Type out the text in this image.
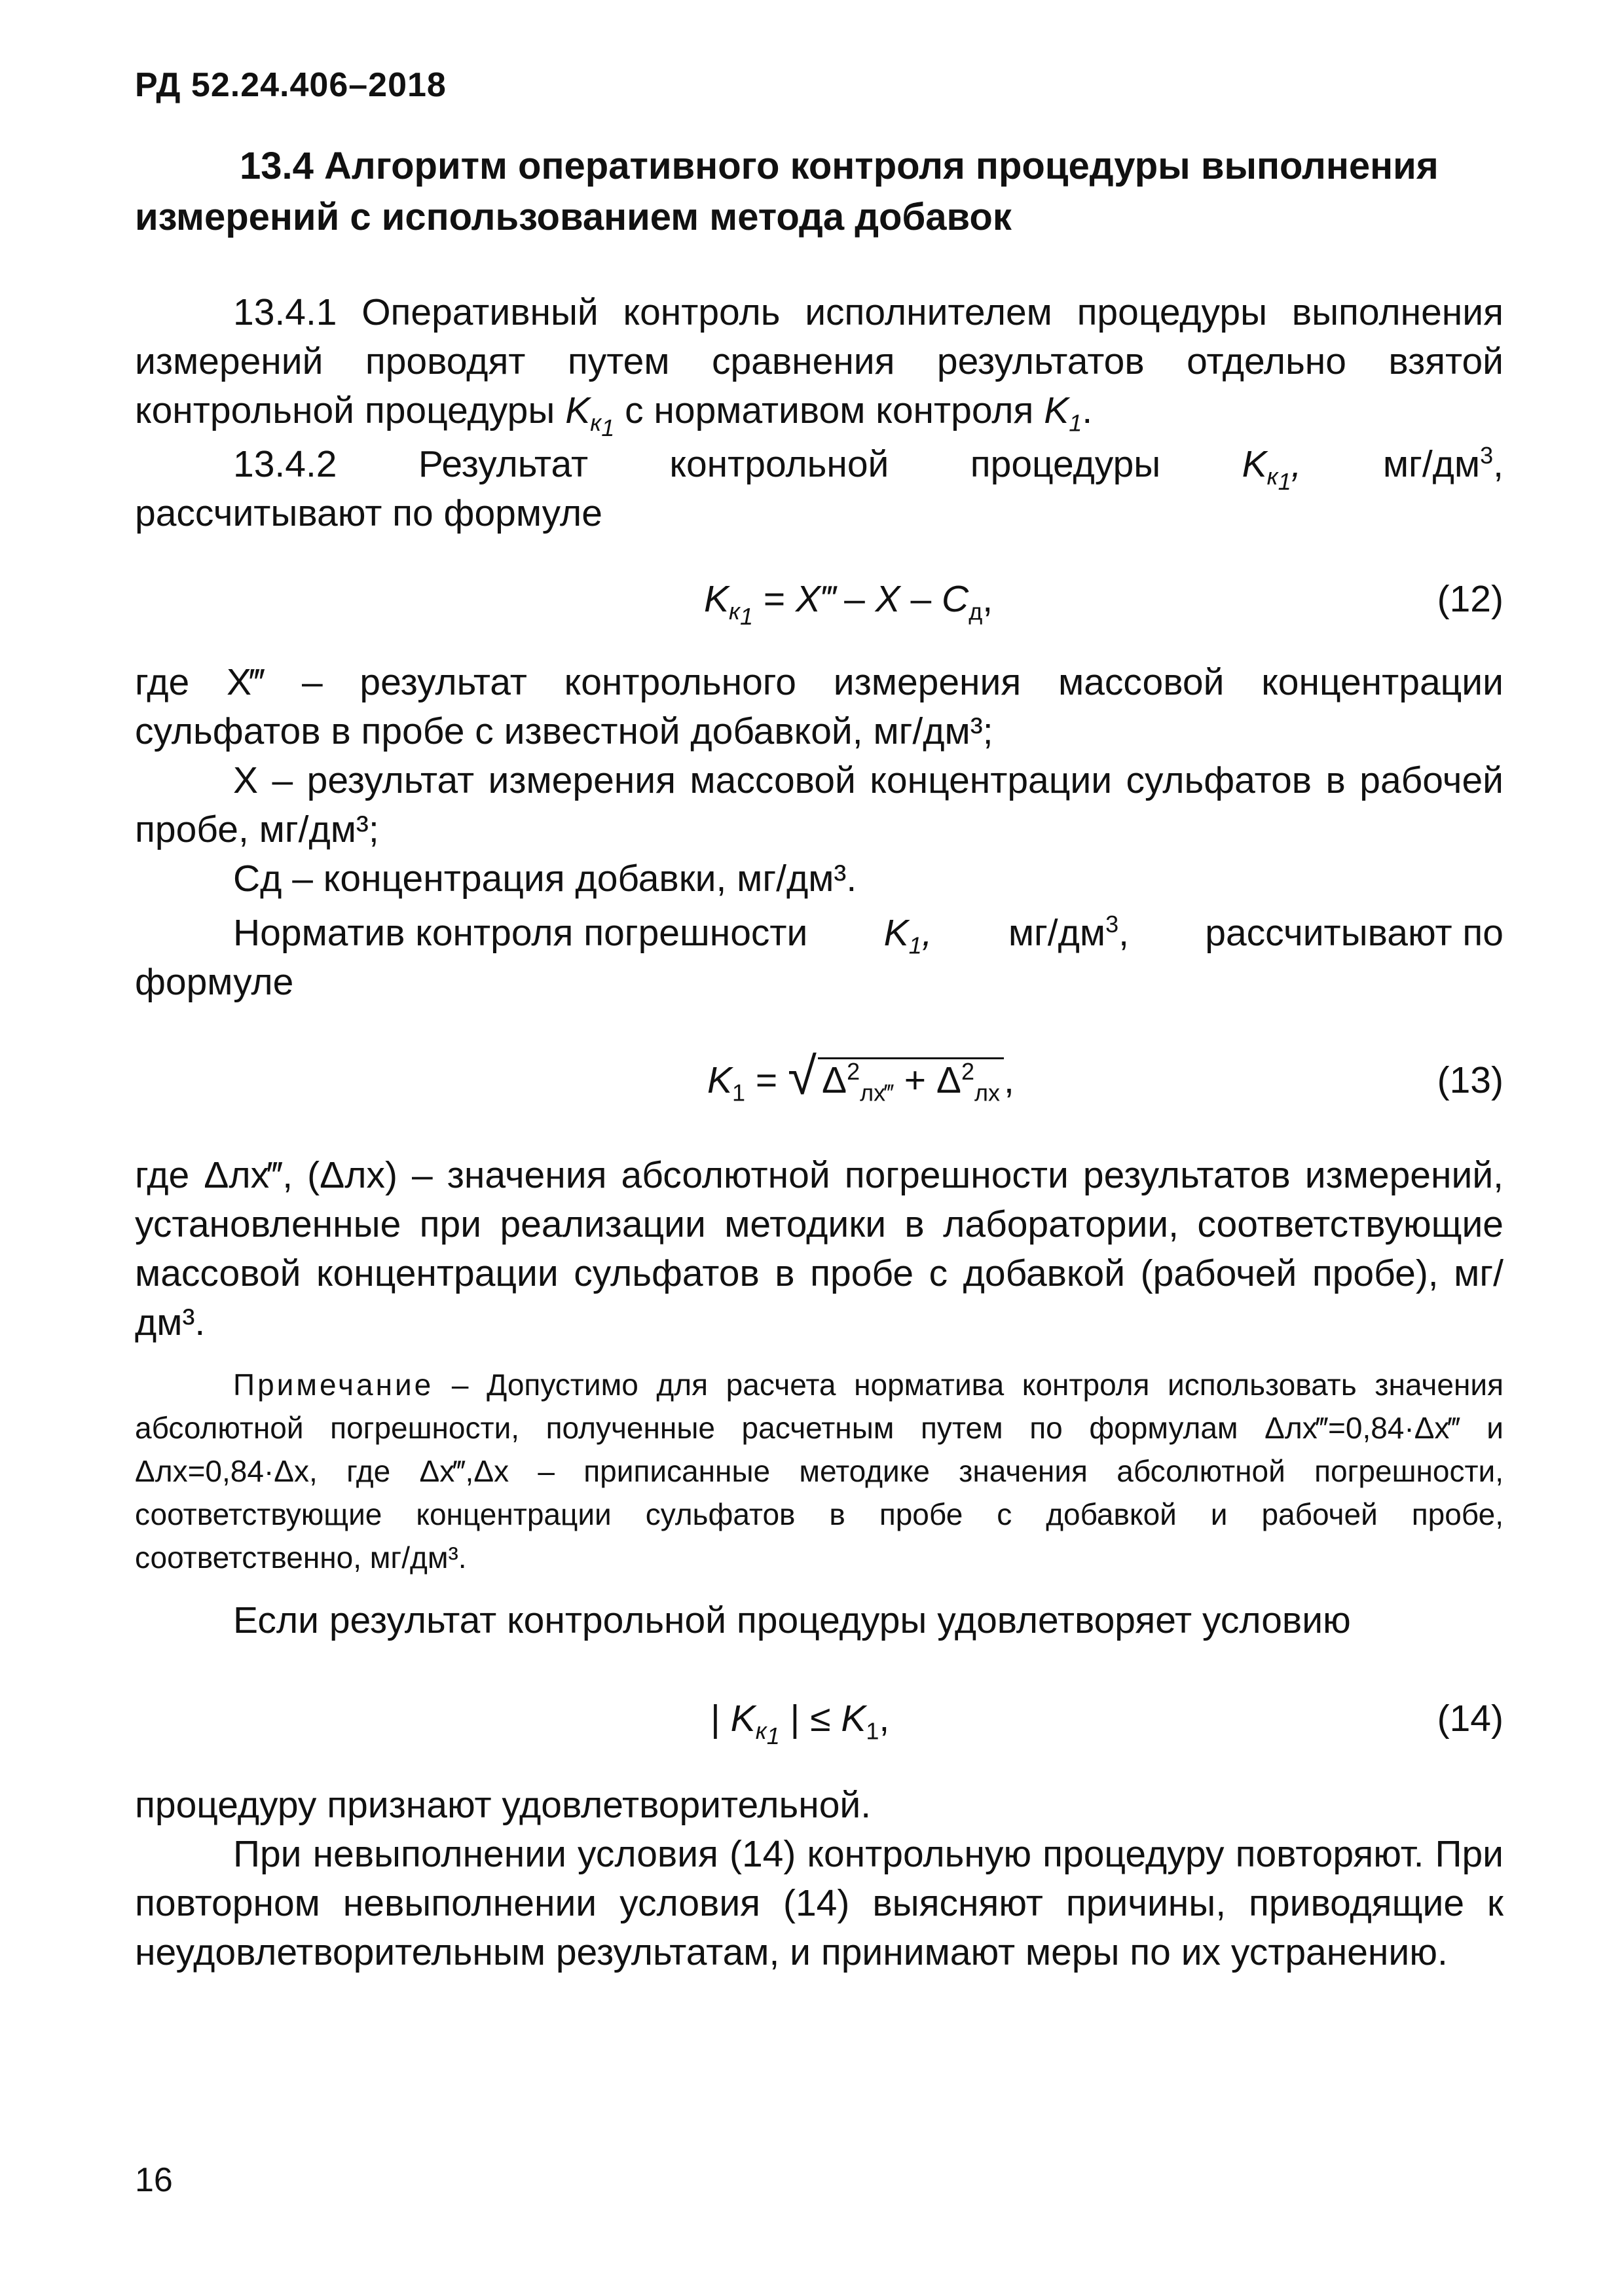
РД 52.24.406–2018
13.4 Алгоритм оперативного контроля процедуры выполнения
измерений с использованием метода добавок
13.4.1 Оперативный контроль исполнителем процедуры выполнения измерений проводят путем сравнения результатов отдельно взятой контрольной процедуры $K_{к_1}$ с нормативом контроля $K_1$.
13.4.2 Результат контрольной процедуры $K_{к_1}$, $мг/дм^3$,
рассчитывают по формуле
$K_{к_1}$ = X‴ – X – $C_д$,	(12)
где X‴ – результат контрольного измерения массовой концентрации сульфатов в пробе с известной добавкой, мг/дм³;
X – результат измерения массовой концентрации сульфатов в рабочей пробе, мг/дм³;
Cд – концентрация добавки, мг/дм³.
Норматив контроля погрешности $K_1$, $мг/дм^3$, рассчитывают по
формуле
$K_1$ = √ $\Delta^2_{лх‴} + \Delta^2_{лх}$ ,	(13)
где Δлх‴, (Δлх) – значения абсолютной погрешности результатов измерений, установленные при реализации методики в лаборатории, соответствующие массовой концентрации сульфатов в пробе с добавкой (рабочей пробе), мг/дм³.
Примечание – Допустимо для расчета норматива контроля использовать значения абсолютной погрешности, полученные расчетным путем по формулам Δлх‴=0,84·Δх‴ и Δлх=0,84·Δх, где Δх‴,Δх – приписанные методике значения абсолютной погрешности, соответствующие концентрации сульфатов в пробе с добавкой и рабочей пробе, соответственно, мг/дм³.
Если результат контрольной процедуры удовлетворяет условию
| $K_{к_1}$ | ≤ $K_1$,	(14)
процедуру признают удовлетворительной.
При невыполнении условия (14) контрольную процедуру повторяют. При повторном невыполнении условия (14) выясняют причины, приводящие к неудовлетворительным результатам, и принимают меры по их устранению.
16
